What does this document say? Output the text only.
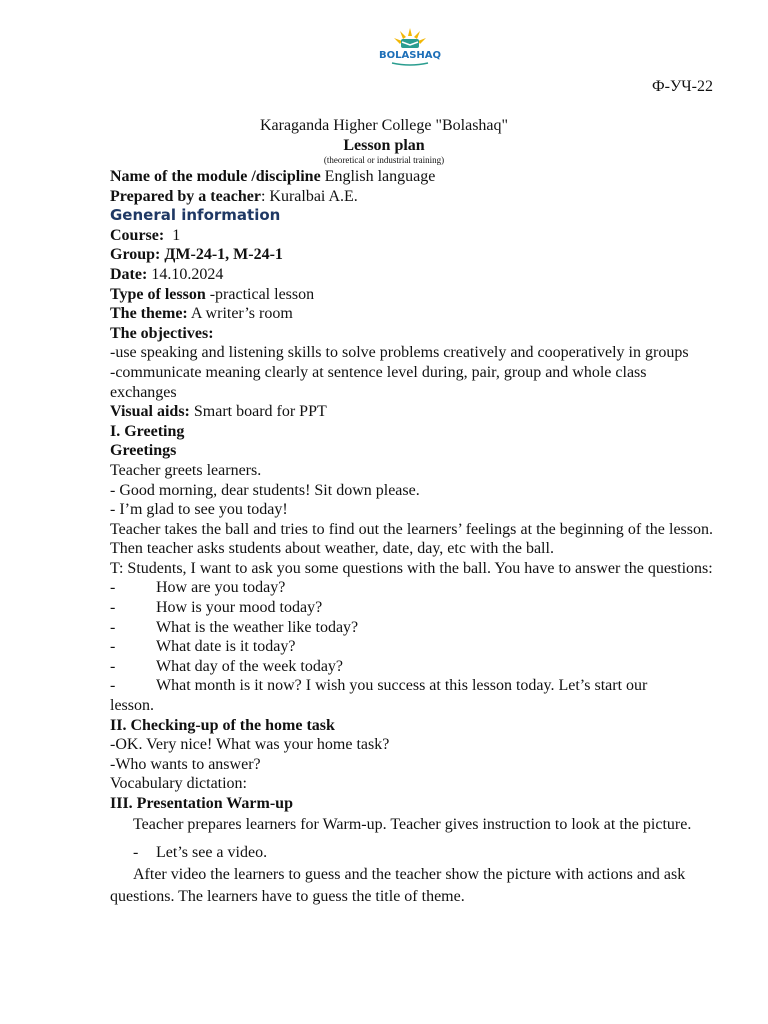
BOLASHAQ
Ф-УЧ-22
Karaganda Higher College "Bolashaq"
Lesson plan
(theoretical or industrial training)

Name of the module /discipline English language

Prepared by a teacher: Kuralbai A.E.

General information

Course:  1

Group: ДМ-24-1, М-24-1

Date: 14.10.2024

Type of lesson -practical lesson

The theme: A writer’s room

The objectives:

-use speaking and listening skills to solve problems creatively and cooperatively in groups

-communicate meaning clearly at sentence level during, pair, group and whole class exchanges

Visual aids: Smart board for PPT

I. Greeting

Greetings

Teacher greets learners.

- Good morning, dear students! Sit down please.

- I’m glad to see you today!

Teacher takes the ball and tries to find out the learners’ feelings at the beginning of the lesson. Then teacher asks students about weather, date, day, etc with the ball.

T: Students, I want to ask you some questions with the ball. You have to answer the questions:

-	How are you today?
-	How is your mood today?
-	What is the weather like today?
-	What date is it today?
-	What day of the week today?
-	What month is it now? I wish you success at this lesson today. Let’s start our

lesson.

II. Checking-up of the home task

-OK. Very nice! What was your home task?

-Who wants to answer?

Vocabulary dictation:

III. Presentation Warm-up

Teacher prepares learners for Warm-up. Teacher gives instruction to look at the picture.

-	Let’s see a video.

After video the learners to guess and the teacher show the picture with actions and ask questions. The learners have to guess the title of theme.
